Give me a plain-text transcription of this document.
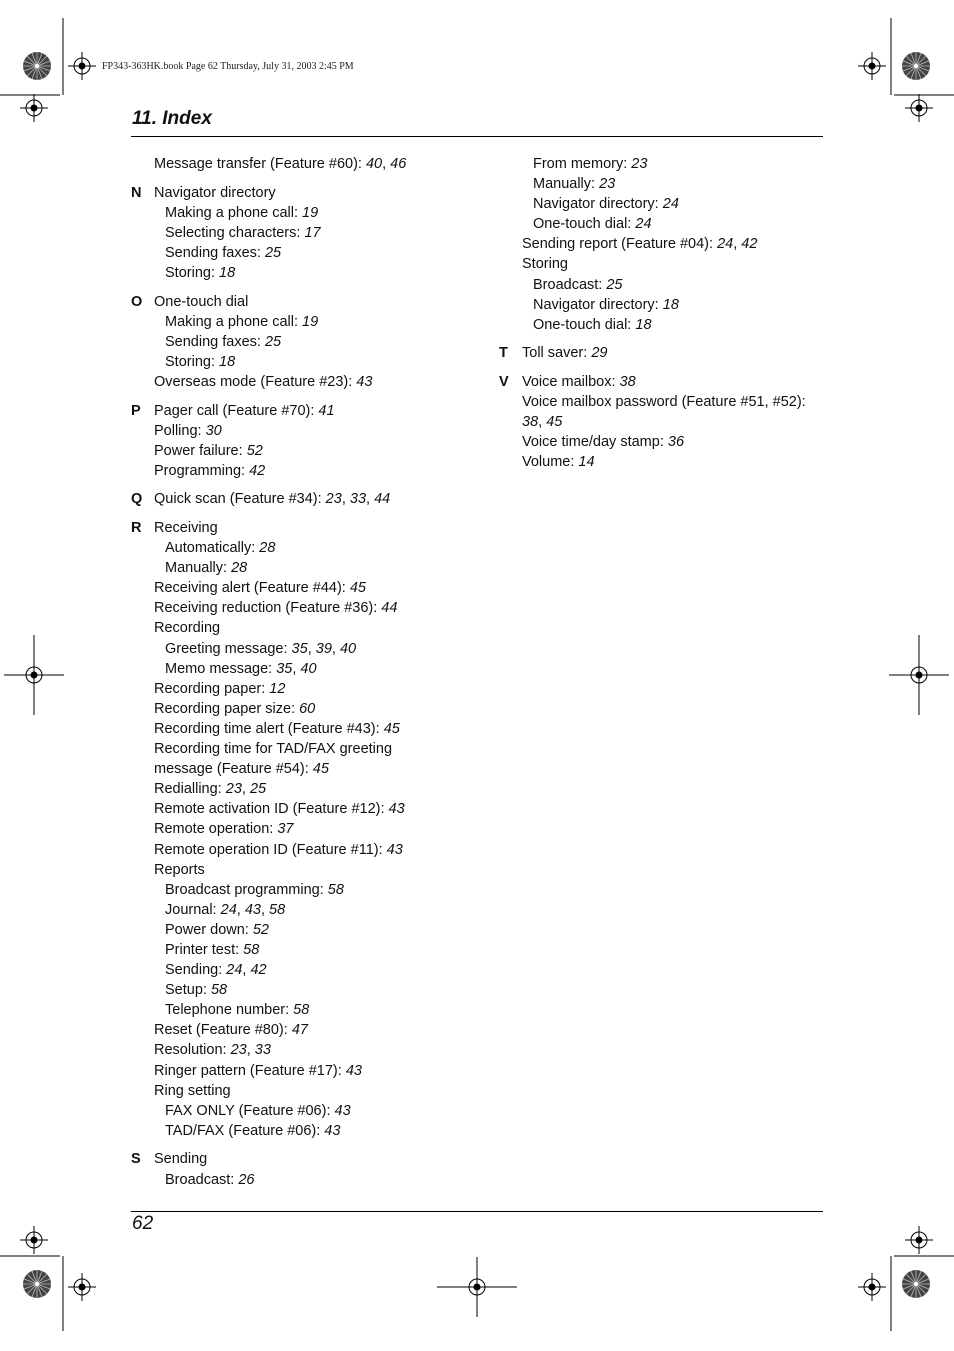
FP343-363HK.book Page 62 Thursday, July 31, 2003 2:45 PM
11. Index
Message transfer (Feature #60): 40, 46
N Navigator directory
Making a phone call: 19
Selecting characters: 17
Sending faxes: 25
Storing: 18
O One-touch dial
Making a phone call: 19
Sending faxes: 25
Storing: 18
Overseas mode (Feature #23): 43
P Pager call (Feature #70): 41
Polling: 30
Power failure: 52
Programming: 42
Q Quick scan (Feature #34): 23, 33, 44
R Receiving
Automatically: 28
Manually: 28
Receiving alert (Feature #44): 45
Receiving reduction (Feature #36): 44
Recording
Greeting message: 35, 39, 40
Memo message: 35, 40
Recording paper: 12
Recording paper size: 60
Recording time alert (Feature #43): 45
Recording time for TAD/FAX greeting
message (Feature #54): 45
Redialling: 23, 25
Remote activation ID (Feature #12): 43
Remote operation: 37
Remote operation ID (Feature #11): 43
Reports
Broadcast programming: 58
Journal: 24, 43, 58
Power down: 52
Printer test: 58
Sending: 24, 42
Setup: 58
Telephone number: 58
Reset (Feature #80): 47
Resolution: 23, 33
Ringer pattern (Feature #17): 43
Ring setting
FAX ONLY (Feature #06): 43
TAD/FAX (Feature #06): 43
S Sending
Broadcast: 26
From memory: 23
Manually: 23
Navigator directory: 24
One-touch dial: 24
Sending report (Feature #04): 24, 42
Storing
Broadcast: 25
Navigator directory: 18
One-touch dial: 18
T Toll saver: 29
V Voice mailbox: 38
Voice mailbox password (Feature #51, #52):
38, 45
Voice time/day stamp: 36
Volume: 14
62
